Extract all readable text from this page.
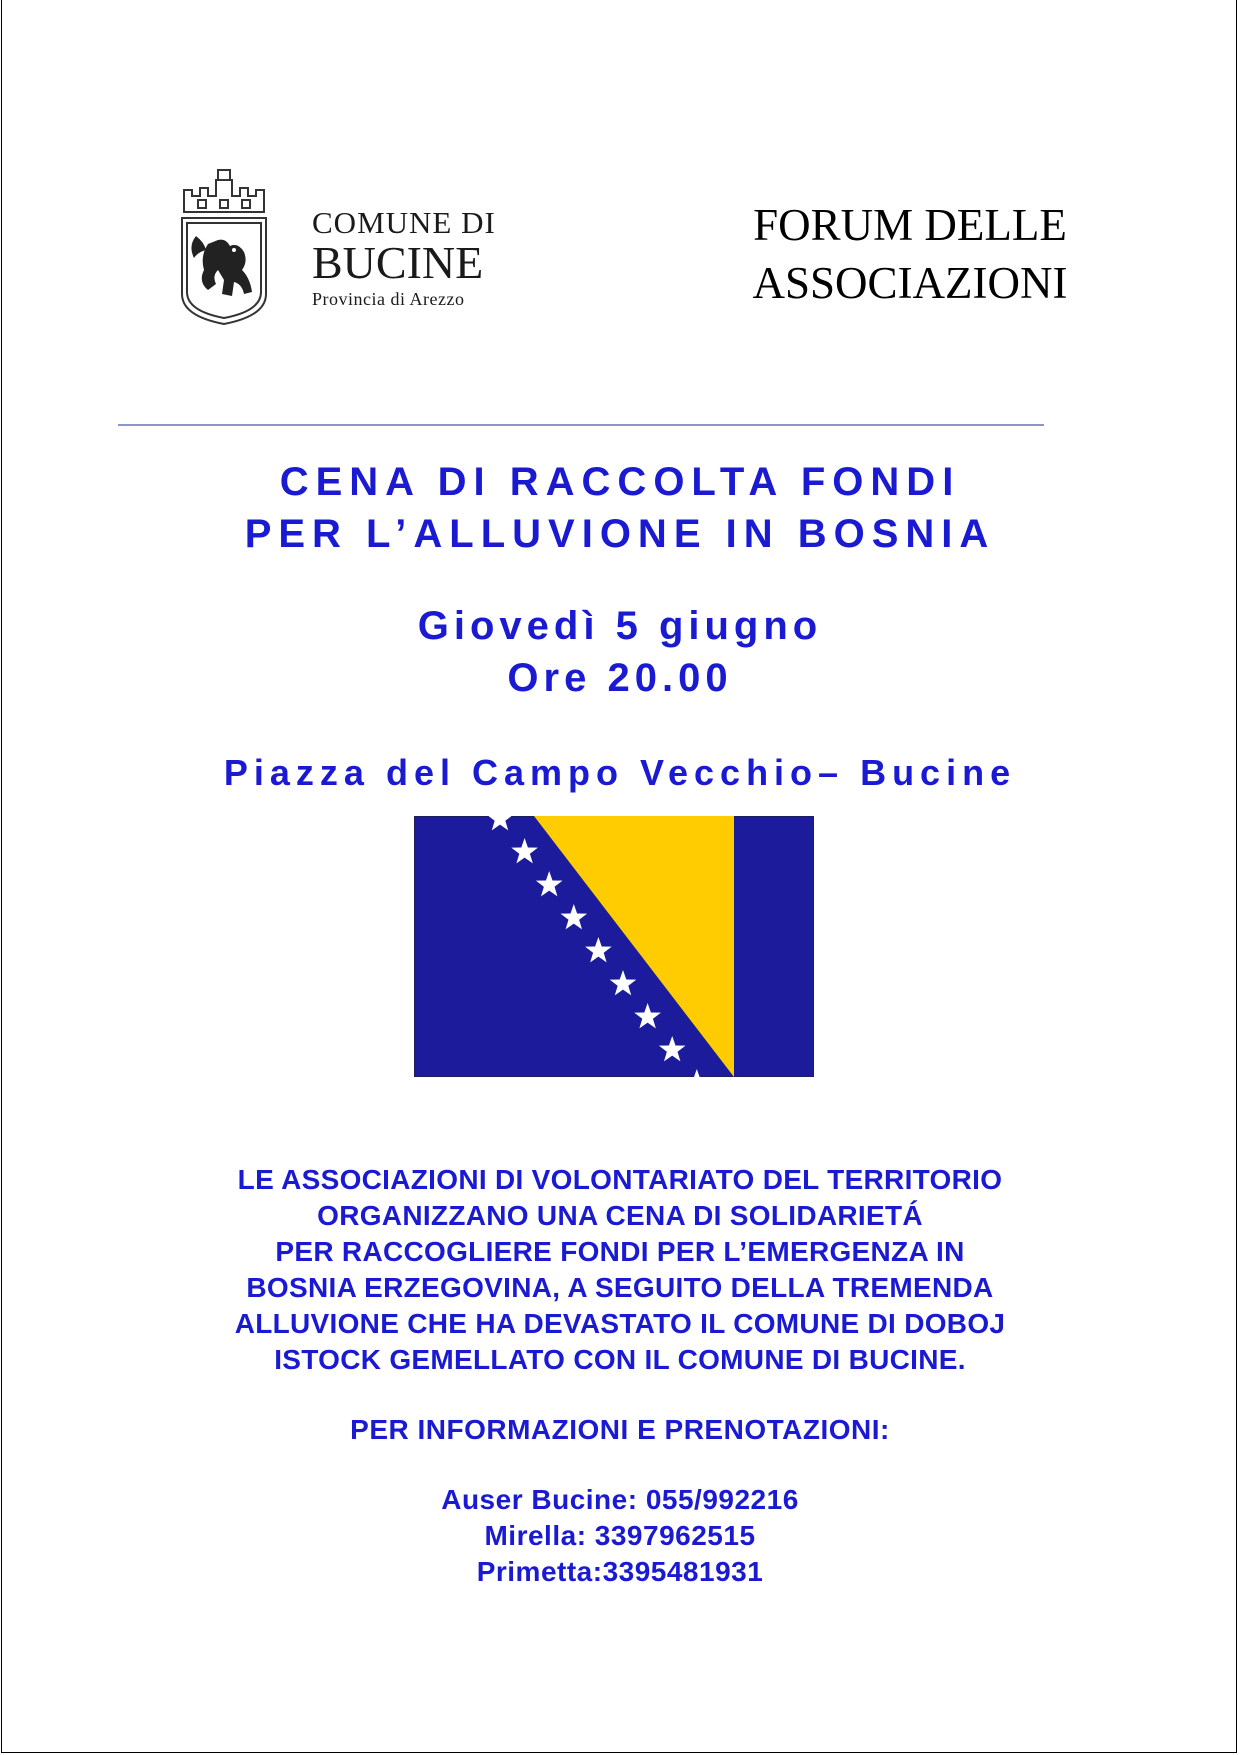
COMUNE DI
BUCINE
Provincia di Arezzo
FORUM DELLE
ASSOCIAZIONI
CENA DI RACCOLTA FONDI
PER L’ALLUVIONE IN BOSNIA
Giovedì 5 giugno
Ore 20.00
Piazza del Campo Vecchio– Bucine
LE ASSOCIAZIONI DI VOLONTARIATO DEL TERRITORIO
ORGANIZZANO UNA CENA DI SOLIDARIETÁ
PER RACCOGLIERE FONDI PER L’EMERGENZA IN
BOSNIA ERZEGOVINA, A SEGUITO DELLA TREMENDA
ALLUVIONE CHE HA DEVASTATO IL COMUNE DI DOBOJ
ISTOCK GEMELLATO CON IL COMUNE DI BUCINE.
PER INFORMAZIONI E PRENOTAZIONI:
Auser Bucine: 055/992216
Mirella: 3397962515
Primetta:3395481931
